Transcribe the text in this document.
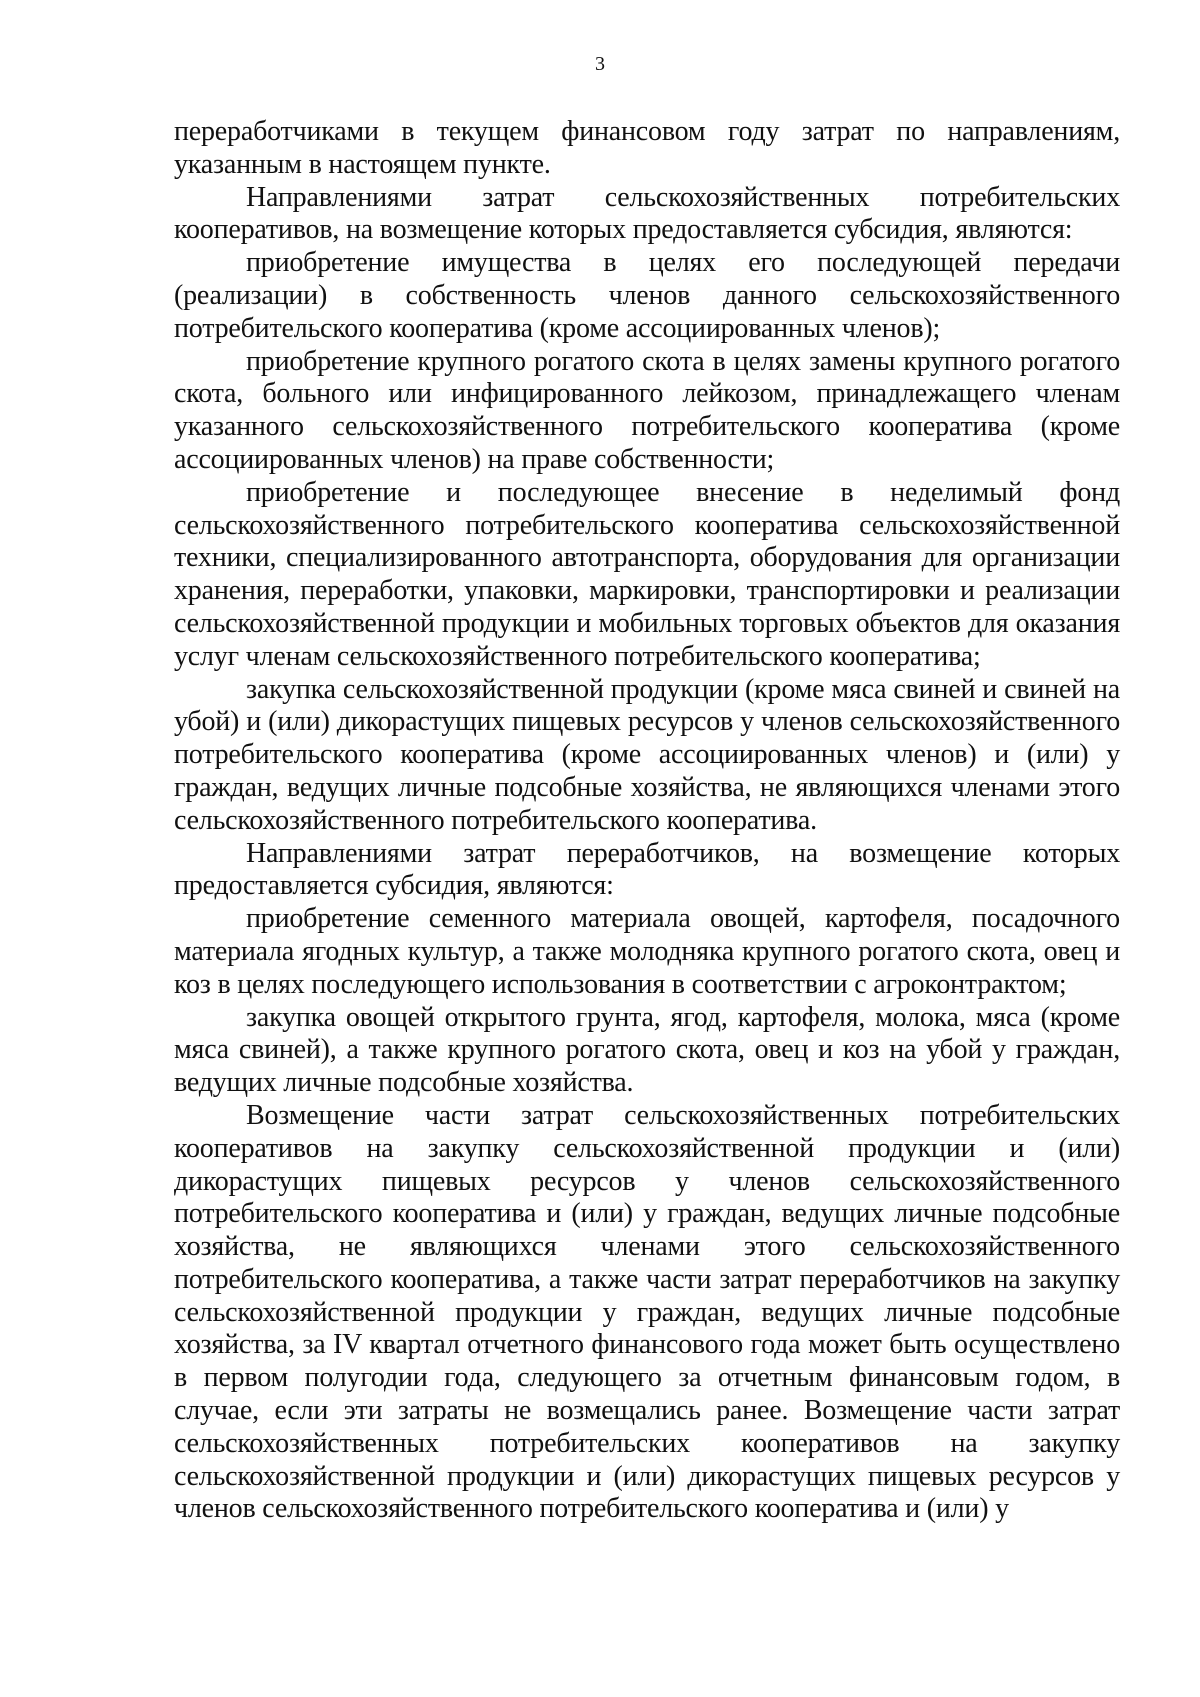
3

переработчиками в текущем финансовом году затрат по направлениям, указанным в настоящем пункте.

Направлениями затрат сельскохозяйственных потребительских кооперативов, на возмещение которых предоставляется субсидия, являются:

приобретение имущества в целях его последующей передачи (реализации) в собственность членов данного сельскохозяйственного потребительского кооператива (кроме ассоциированных членов);

приобретение крупного рогатого скота в целях замены крупного рогатого скота, больного или инфицированного лейкозом, принадлежащего членам указанного сельскохозяйственного потребительского кооператива (кроме ассоциированных членов) на праве собственности;

приобретение и последующее внесение в неделимый фонд сельскохозяйственного потребительского кооператива сельскохозяйственной техники, специализированного автотранспорта, оборудования для организации хранения, переработки, упаковки, маркировки, транспортировки и реализации сельскохозяйственной продукции и мобильных торговых объектов для оказания услуг членам сельскохозяйственного потребительского кооператива;

закупка сельскохозяйственной продукции (кроме мяса свиней и свиней на убой) и (или) дикорастущих пищевых ресурсов у членов сельскохозяйственного потребительского кооператива (кроме ассоциированных членов) и (или) у граждан, ведущих личные подсобные хозяйства, не являющихся членами этого сельскохозяйственного потребительского кооператива.

Направлениями затрат переработчиков, на возмещение которых предоставляется субсидия, являются:

приобретение семенного материала овощей, картофеля, посадочного материала ягодных культур, а также молодняка крупного рогатого скота, овец и коз в целях последующего использования в соответствии с агроконтрактом;

закупка овощей открытого грунта, ягод, картофеля, молока, мяса (кроме мяса свиней), а также крупного рогатого скота, овец и коз на убой у граждан, ведущих личные подсобные хозяйства.

Возмещение части затрат сельскохозяйственных потребительских кооперативов на закупку сельскохозяйственной продукции и (или) дикорастущих пищевых ресурсов у членов сельскохозяйственного потребительского кооператива и (или) у граждан, ведущих личные подсобные хозяйства, не являющихся членами этого сельскохозяйственного потребительского кооператива, а также части затрат переработчиков на закупку сельскохозяйственной продукции у граждан, ведущих личные подсобные хозяйства, за IV квартал отчетного финансового года может быть осуществлено в первом полугодии года, следующего за отчетным финансовым годом, в случае, если эти затраты не возмещались ранее. Возмещение части затрат сельскохозяйственных потребительских кооперативов на закупку сельскохозяйственной продукции и (или) дикорастущих пищевых ресурсов у членов сельскохозяйственного потребительского кооператива и (или) у
